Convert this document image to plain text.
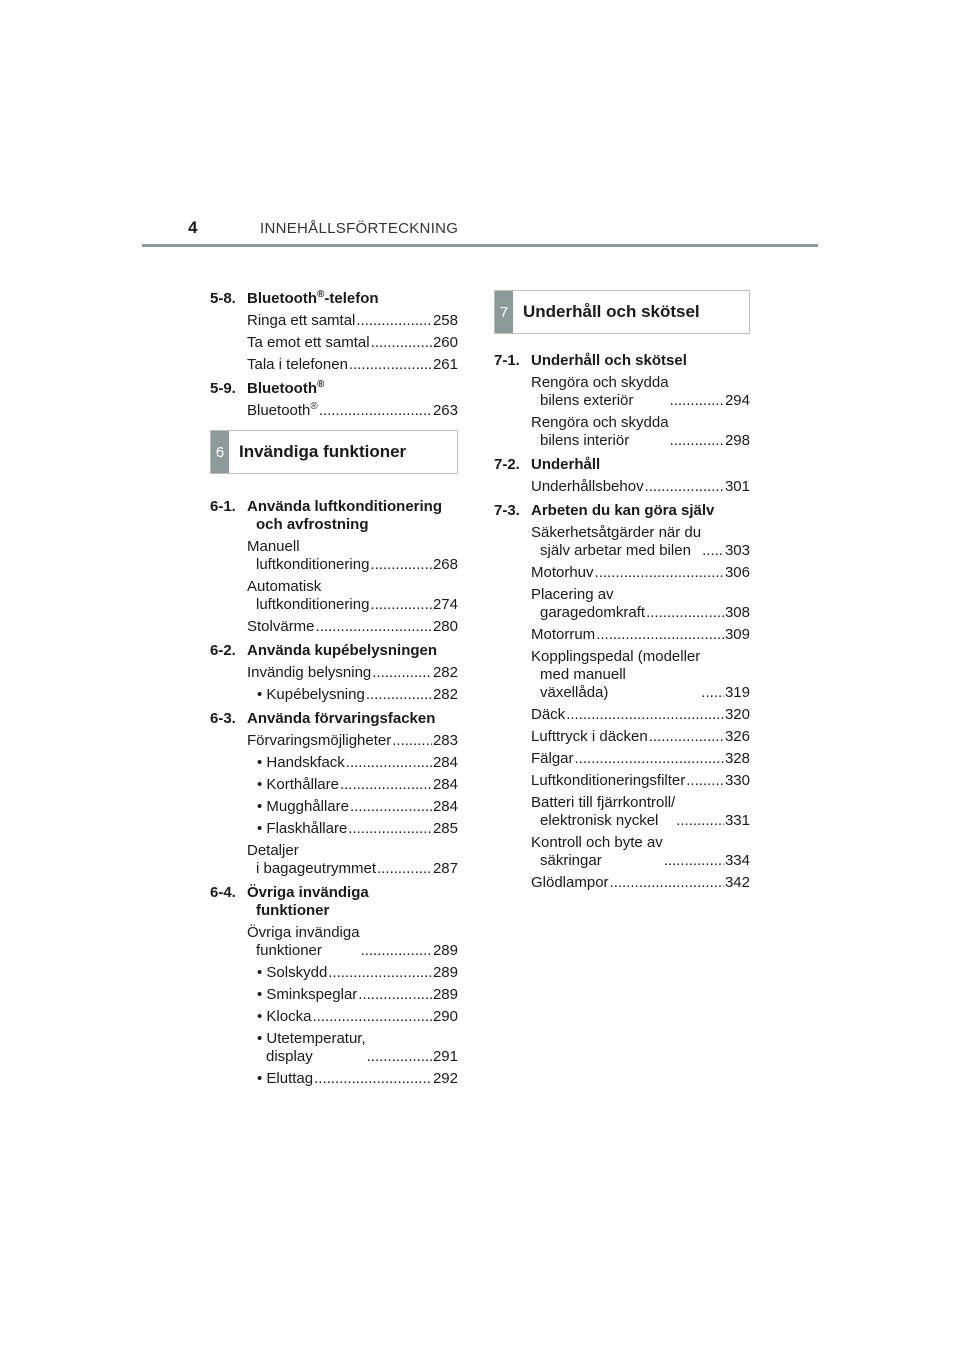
4	INNEHÅLLSFÖRTECKNING
5-8. Bluetooth®-telefon
Ringa ett samtal .....	258
Ta emot ett samtal .....	260
Tala i telefonen .....	261
5-9. Bluetooth®
Bluetooth® .....	263
6 Invändiga funktioner
6-1. Använda luftkonditionering
och avfrostning
Manuell
luftkonditionering .....	268
Automatisk
luftkonditionering .....	274
Stolvärme .....	280
6-2. Använda kupébelysningen
Invändig belysning .....	282
• Kupébelysning .....	282
6-3. Använda förvaringsfacken
Förvaringsmöjligheter .....	283
• Handskfack .....	284
• Korthållare .....	284
• Mugghållare .....	284
• Flaskhållare .....	285
Detaljer
i bagageutrymmet .....	287
6-4. Övriga invändiga
funktioner
Övriga invändiga
funktioner .....	289
• Solskydd .....	289
• Sminkspeglar .....	289
• Klocka .....	290
• Utetemperatur,
display .....	291
• Eluttag .....	292
7 Underhåll och skötsel
7-1. Underhåll och skötsel
Rengöra och skydda
bilens exteriör .....	294
Rengöra och skydda
bilens interiör .....	298
7-2. Underhåll
Underhållsbehov .....	301
7-3. Arbeten du kan göra själv
Säkerhetsåtgärder när du
själv arbetar med bilen .....	303
Motorhuv .....	306
Placering av
garagedomkraft .....	308
Motorrum .....	309
Kopplingspedal (modeller
med manuell
växellåda) .....	319
Däck .....	320
Lufttryck i däcken .....	326
Fälgar .....	328
Luftkonditioneringsfilter .....	330
Batteri till fjärrkontroll/
elektronisk nyckel .....	331
Kontroll och byte av
säkringar .....	334
Glödlampor .....	342
